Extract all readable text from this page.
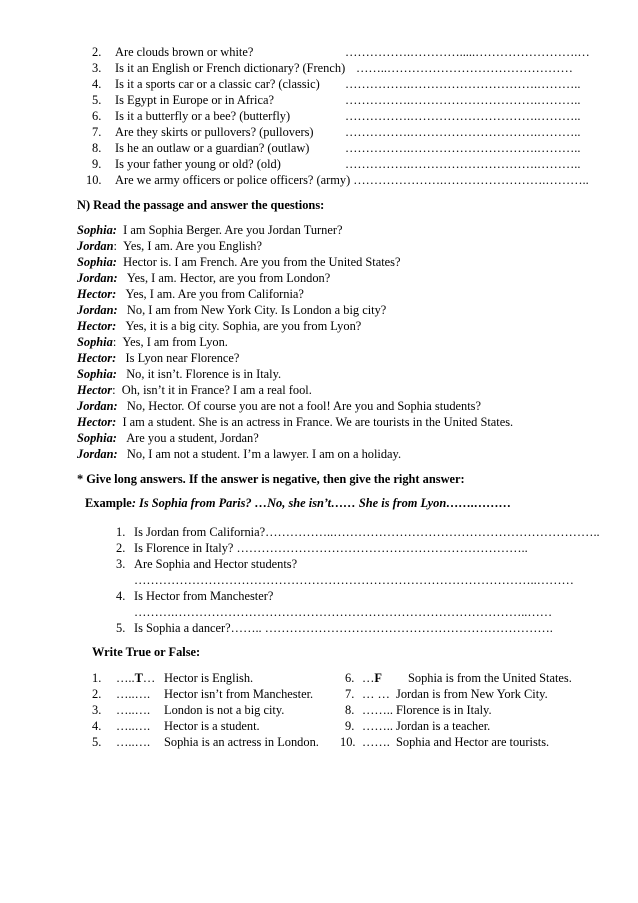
2. Are clouds brown or white?	…………….………….....…………………….…
3. Is it an English or French dictionary? (French) ……..………………………………………
4. Is it a sports car or a classic car? (classic) …………….………………………….………..
5. Is Egypt in Europe or in Africa?	…………….………………………….………..
6. Is it a butterfly or a bee? (butterfly)	…………….………………………….………..
7. Are they skirts or pullovers? (pullovers)	…………….………………………….………..
8. Is he an outlaw or a guardian? (outlaw)	…………….………………………….………..
9. Is your father young or old? (old)	…………….………………………….………..
10. Are we army officers or police officers? (army) ………………….…………………….………..
N) Read the passage and answer the questions:
Sophia: I am Sophia Berger. Are you Jordan Turner?
Jordan: Yes, I am. Are you English?
Sophia: Hector is. I am French. Are you from the United States?
Jordan: Yes, I am. Hector, are you from London?
Hector: Yes, I am. Are you from California?
Jordan: No, I am from New York City. Is London a big city?
Hector: Yes, it is a big city. Sophia, are you from Lyon?
Sophia: Yes, I am from Lyon.
Hector: Is Lyon near Florence?
Sophia: No, it isn’t. Florence is in Italy.
Hector: Oh, isn’t it in France? I am a real fool.
Jordan: No, Hector. Of course you are not a fool! Are you and Sophia students?
Hector: I am a student. She is an actress in France. We are tourists in the United States.
Sophia: Are you a student, Jordan?
Jordan: No, I am not a student. I’m a lawyer. I am on a holiday.
* Give long answers. If the answer is negative, then give the right answer:
Example: Is Sophia from Paris? …No, she isn’t…… She is from Lyon…….………
1. Is Jordan from California?……………..………………………………………………………..
2. Is Florence in Italy? ……………………………………………………………..
3. Are Sophia and Hector students?
……………………………………………………………………………………..………
4. Is Hector from Manchester?
……….…………………………………………………………………………..……
5. Is Sophia a dancer?…….. …………………………………………………………….
Write True or False:
1. …..T… Hector is English.	6. …F Sophia is from the United States.
2. …..…. Hector isn’t from Manchester.	7. … … Jordan is from New York City.
3. …..…. London is not a big city.	8. …….. Florence is in Italy.
4. …..…. Hector is a student.	9. …….. Jordan is a teacher.
5. …..…. Sophia is an actress in London. 10. ……. Sophia and Hector are tourists.
